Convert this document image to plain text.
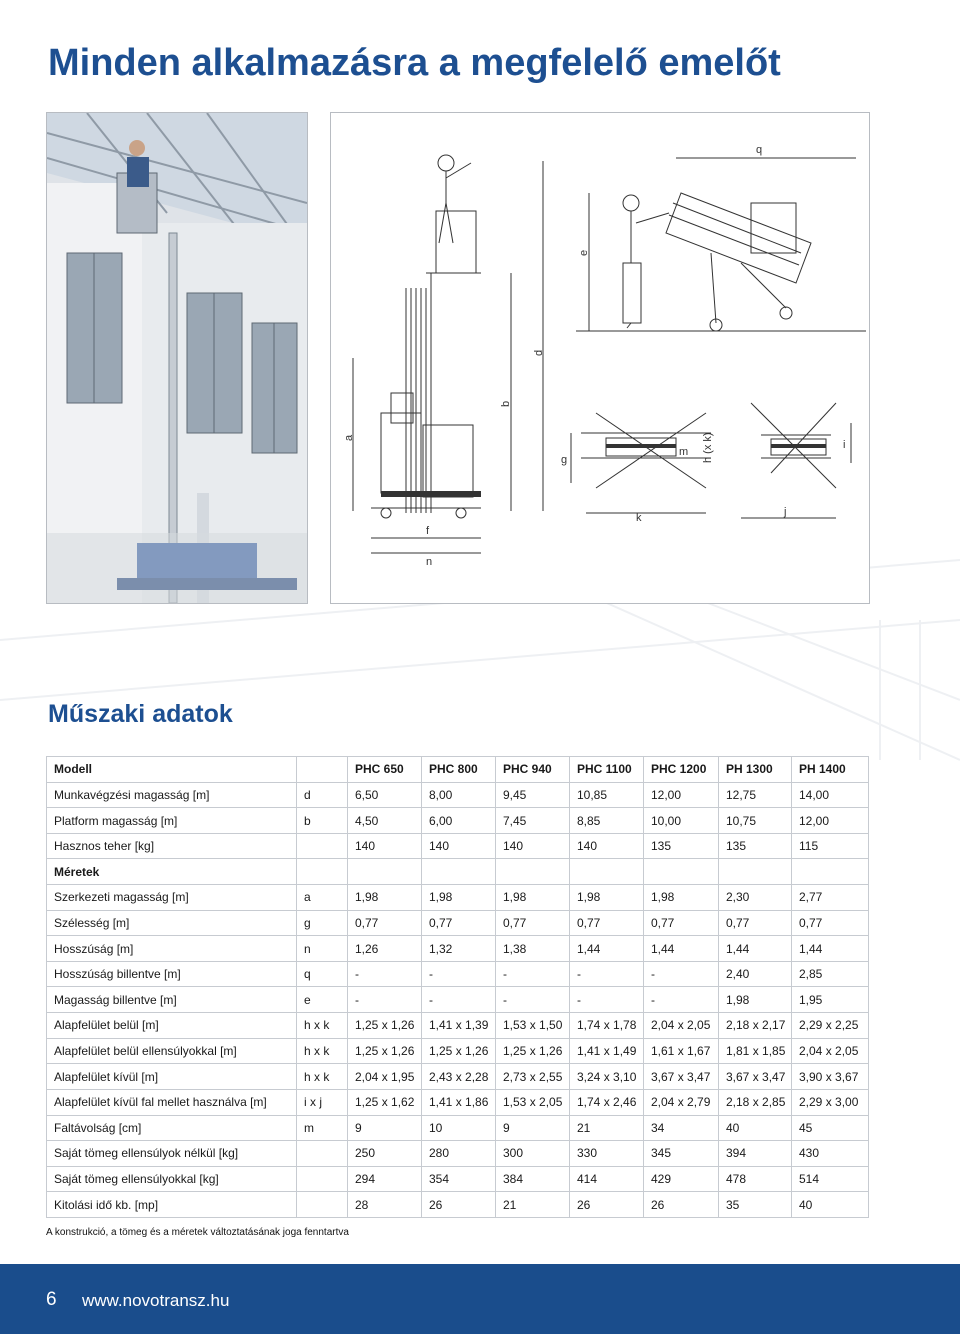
Minden alkalmazásra a megfelelő emelőt
a
b
d
e
q
f
n
g
m h (x k)
k	j
i
Műszaki adatok
Modell		PHC 650	PHC 800	PHC 940	PHC 1100	PHC 1200	PH 1300	PH 1400
Munkavégzési magasság [m]	d	6,50	8,00	9,45	10,85	12,00	12,75	14,00
Platform magasság [m]	b	4,50	6,00	7,45	8,85	10,00	10,75	12,00
Hasznos teher [kg]		140	140	140	140	135	135	115
Méretek								
Szerkezeti magasság [m]	a	1,98	1,98	1,98	1,98	1,98	2,30	2,77
Szélesség [m]	g	0,77	0,77	0,77	0,77	0,77	0,77	0,77
Hosszúság [m]	n	1,26	1,32	1,38	1,44	1,44	1,44	1,44
Hosszúság billentve [m]	q	-	-	-	-	-	2,40	2,85
Magasság billentve [m]	e	-	-	-	-	-	1,98	1,95
Alapfelület belül [m]	h x k	1,25 x 1,26	1,41 x 1,39	1,53 x 1,50	1,74 x 1,78	2,04 x 2,05	2,18 x 2,17	2,29 x 2,25
Alapfelület belül ellensúlyokkal [m]	h x k	1,25 x 1,26	1,25 x 1,26	1,25 x 1,26	1,41 x 1,49	1,61 x 1,67	1,81 x 1,85	2,04 x 2,05
Alapfelület kívül [m]	h x k	2,04 x 1,95	2,43 x 2,28	2,73 x 2,55	3,24 x 3,10	3,67 x 3,47	3,67 x 3,47	3,90 x 3,67
Alapfelület kívül fal mellet használva [m]	i x j	1,25 x 1,62	1,41 x 1,86	1,53 x 2,05	1,74 x 2,46	2,04 x 2,79	2,18 x 2,85	2,29 x 3,00
Faltávolság [cm]	m	9	10	9	21	34	40	45
Saját tömeg ellensúlyok nélkül [kg]		250	280	300	330	345	394	430
Saját tömeg ellensúlyokkal [kg]		294	354	384	414	429	478	514
Kitolási idő kb. [mp]		28	26	21	26	26	35	40
A konstrukció, a tömeg és a méretek változtatásának joga fenntartva
6 www.novotransz.hu
